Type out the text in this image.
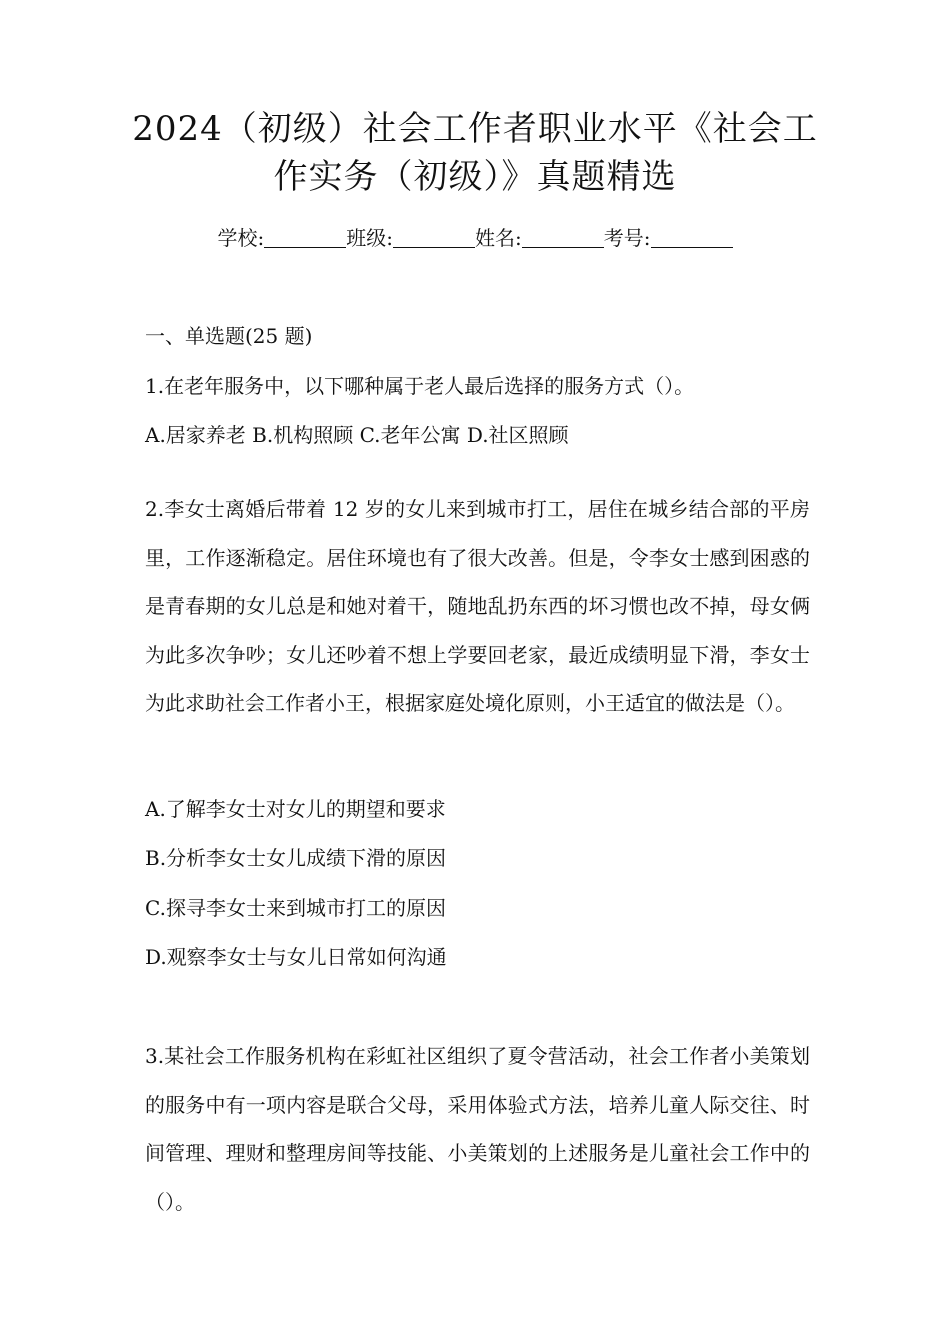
2024（初级）社会工作者职业水平《社会工
作实务（初级）》真题精选
学校:	班级:	姓名:	考号:
一、单选题(25 题)
1.在老年服务中，以下哪种属于老人最后选择的服务方式（）。
A.居家养老 B.机构照顾 C.老年公寓 D.社区照顾
2.李女士离婚后带着 12 岁的女儿来到城市打工，居住在城乡结合部的平房里，工作逐渐稳定。居住环境也有了很大改善。但是，令李女士感到困惑的是青春期的女儿总是和她对着干，随地乱扔东西的坏习惯也改不掉，母女俩为此多次争吵；女儿还吵着不想上学要回老家，最近成绩明显下滑，李女士为此求助社会工作者小王，根据家庭处境化原则，小王适宜的做法是（）。
A.了解李女士对女儿的期望和要求
B.分析李女士女儿成绩下滑的原因
C.探寻李女士来到城市打工的原因
D.观察李女士与女儿日常如何沟通
3.某社会工作服务机构在彩虹社区组织了夏令营活动，社会工作者小美策划的服务中有一项内容是联合父母，采用体验式方法，培养儿童人际交往、时间管理、理财和整理房间等技能、小美策划的上述服务是儿童社会工作中的（）。
